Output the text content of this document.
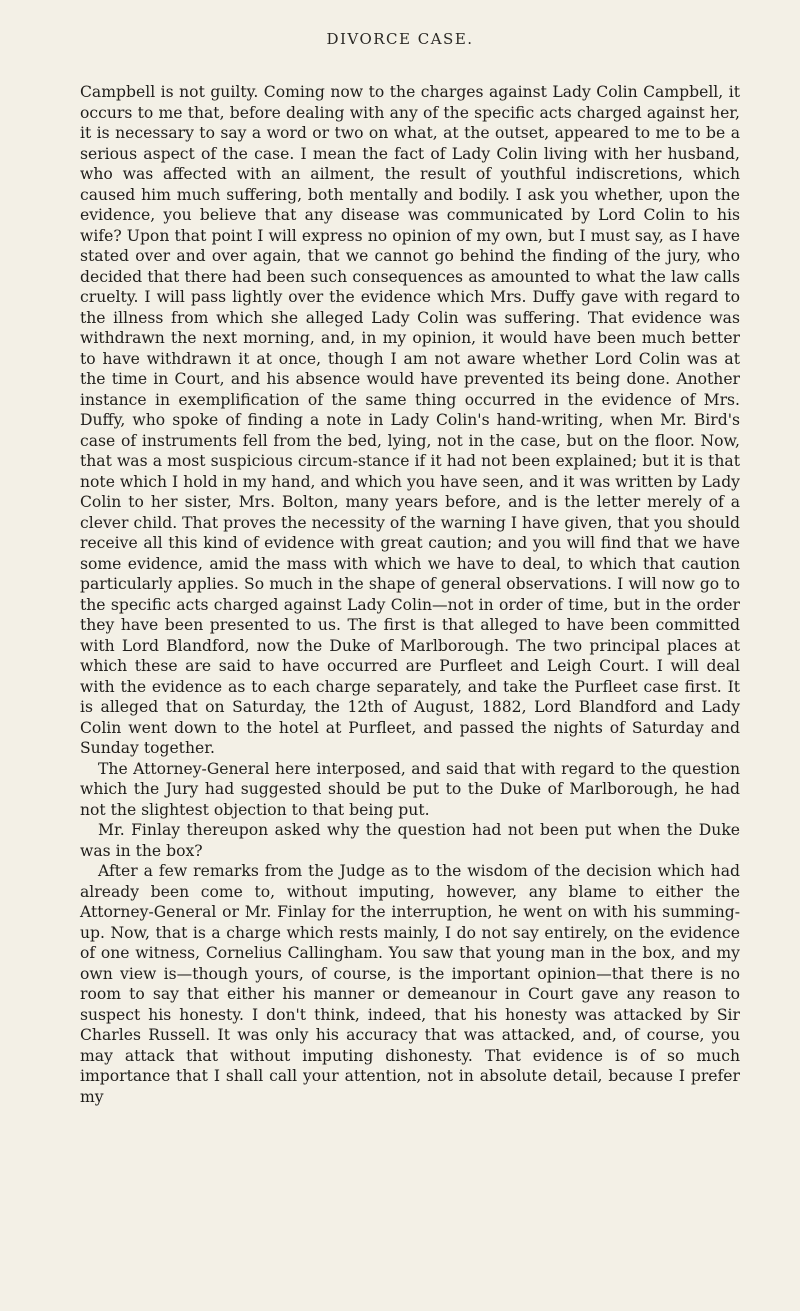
DIVORCE CASE.

Campbell is not guilty. Coming now to the charges against Lady Colin Campbell, it occurs to me that, before dealing with any of the specific acts charged against her, it is necessary to say a word or two on what, at the outset, appeared to me to be a serious aspect of the case. I mean the fact of Lady Colin living with her husband, who was affected with an ailment, the result of youthful indiscretions, which caused him much suffering, both mentally and bodily. I ask you whether, upon the evidence, you believe that any disease was communicated by Lord Colin to his wife? Upon that point I will express no opinion of my own, but I must say, as I have stated over and over again, that we cannot go behind the finding of the jury, who decided that there had been such consequences as amounted to what the law calls cruelty. I will pass lightly over the evidence which Mrs. Duffy gave with regard to the illness from which she alleged Lady Colin was suffering. That evidence was withdrawn the next morning, and, in my opinion, it would have been much better to have withdrawn it at once, though I am not aware whether Lord Colin was at the time in Court, and his absence would have prevented its being done. Another instance in exemplification of the same thing occurred in the evidence of Mrs. Duffy, who spoke of finding a note in Lady Colin's hand-writing, when Mr. Bird's case of instruments fell from the bed, lying, not in the case, but on the floor. Now, that was a most suspicious circum-stance if it had not been explained; but it is that note which I hold in my hand, and which you have seen, and it was written by Lady Colin to her sister, Mrs. Bolton, many years before, and is the letter merely of a clever child. That proves the necessity of the warning I have given, that you should receive all this kind of evidence with great caution; and you will find that we have some evidence, amid the mass with which we have to deal, to which that caution particularly applies. So much in the shape of general observations. I will now go to the specific acts charged against Lady Colin—not in order of time, but in the order they have been presented to us. The first is that alleged to have been committed with Lord Blandford, now the Duke of Marlborough. The two principal places at which these are said to have occurred are Purfleet and Leigh Court. I will deal with the evidence as to each charge separately, and take the Purfleet case first. It is alleged that on Saturday, the 12th of August, 1882, Lord Blandford and Lady Colin went down to the hotel at Purfleet, and passed the nights of Saturday and Sunday together.

The Attorney-General here interposed, and said that with regard to the question which the Jury had suggested should be put to the Duke of Marlborough, he had not the slightest objection to that being put.

Mr. Finlay thereupon asked why the question had not been put when the Duke was in the box?

After a few remarks from the Judge as to the wisdom of the decision which had already been come to, without imputing, however, any blame to either the Attorney-General or Mr. Finlay for the interruption, he went on with his summing-up. Now, that is a charge which rests mainly, I do not say entirely, on the evidence of one witness, Cornelius Callingham. You saw that young man in the box, and my own view is—though yours, of course, is the important opinion—that there is no room to say that either his manner or demeanour in Court gave any reason to suspect his honesty. I don't think, indeed, that his honesty was attacked by Sir Charles Russell. It was only his accuracy that was attacked, and, of course, you may attack that without imputing dishonesty. That evidence is of so much importance that I shall call your attention, not in absolute detail, because I prefer my
